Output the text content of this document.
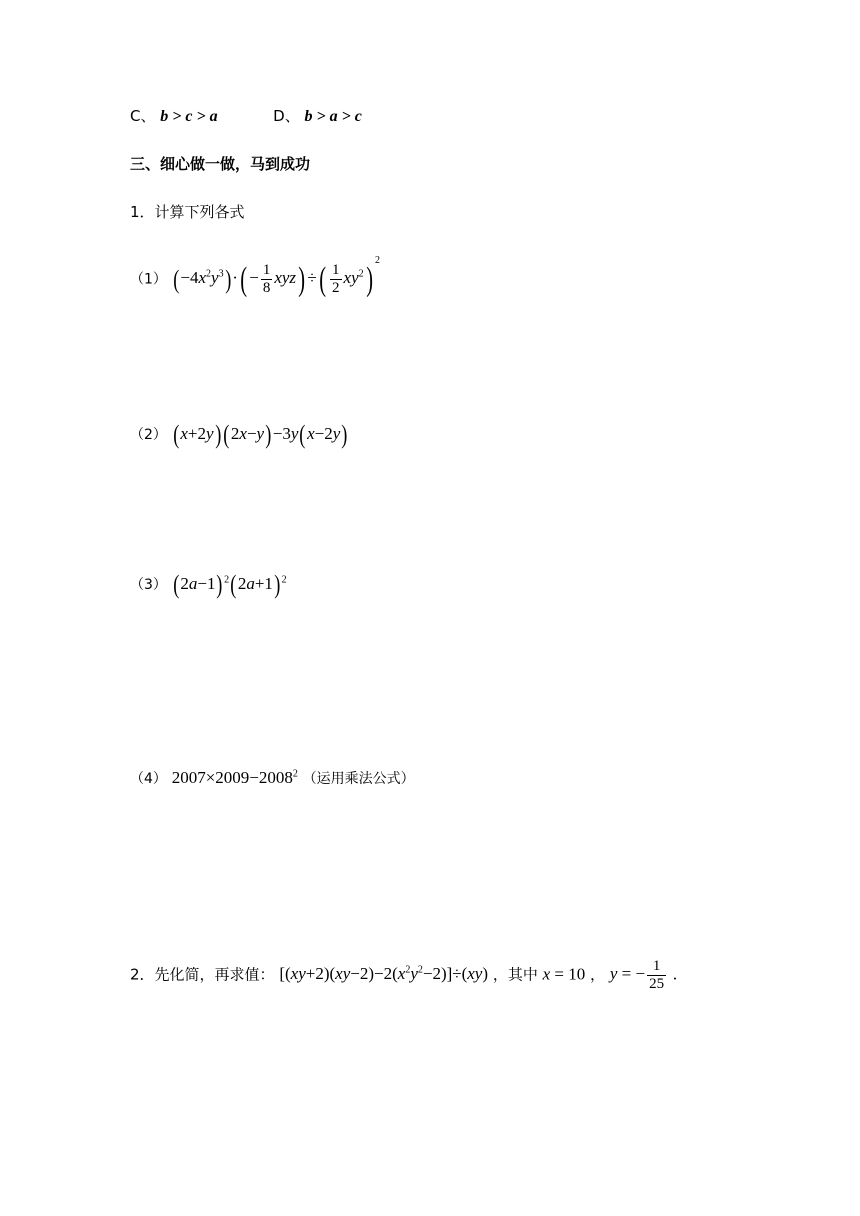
C、 b > c > a	D、 b > a > c
三、细心做一做，马到成功
1．计算下列各式
（1） $(-4x^2y^3)\cdot( - \frac{1}{8} xyz)$ ÷( $\frac{1}{2} xy^2)^2$
（2） (x+2y) (2x−y)−3y(x−2y)
（3） $(2a-1)^2(2a+1)^2$
（4） $2007\times 2009-2008^2$ （运用乘法公式）
2．先化简，再求值： $[(xy+2)(xy-2)-2(x^2y^2-2)]\div(xy)$ ，其中 x = 10 ， y = − $\frac{1}{25}$ .
